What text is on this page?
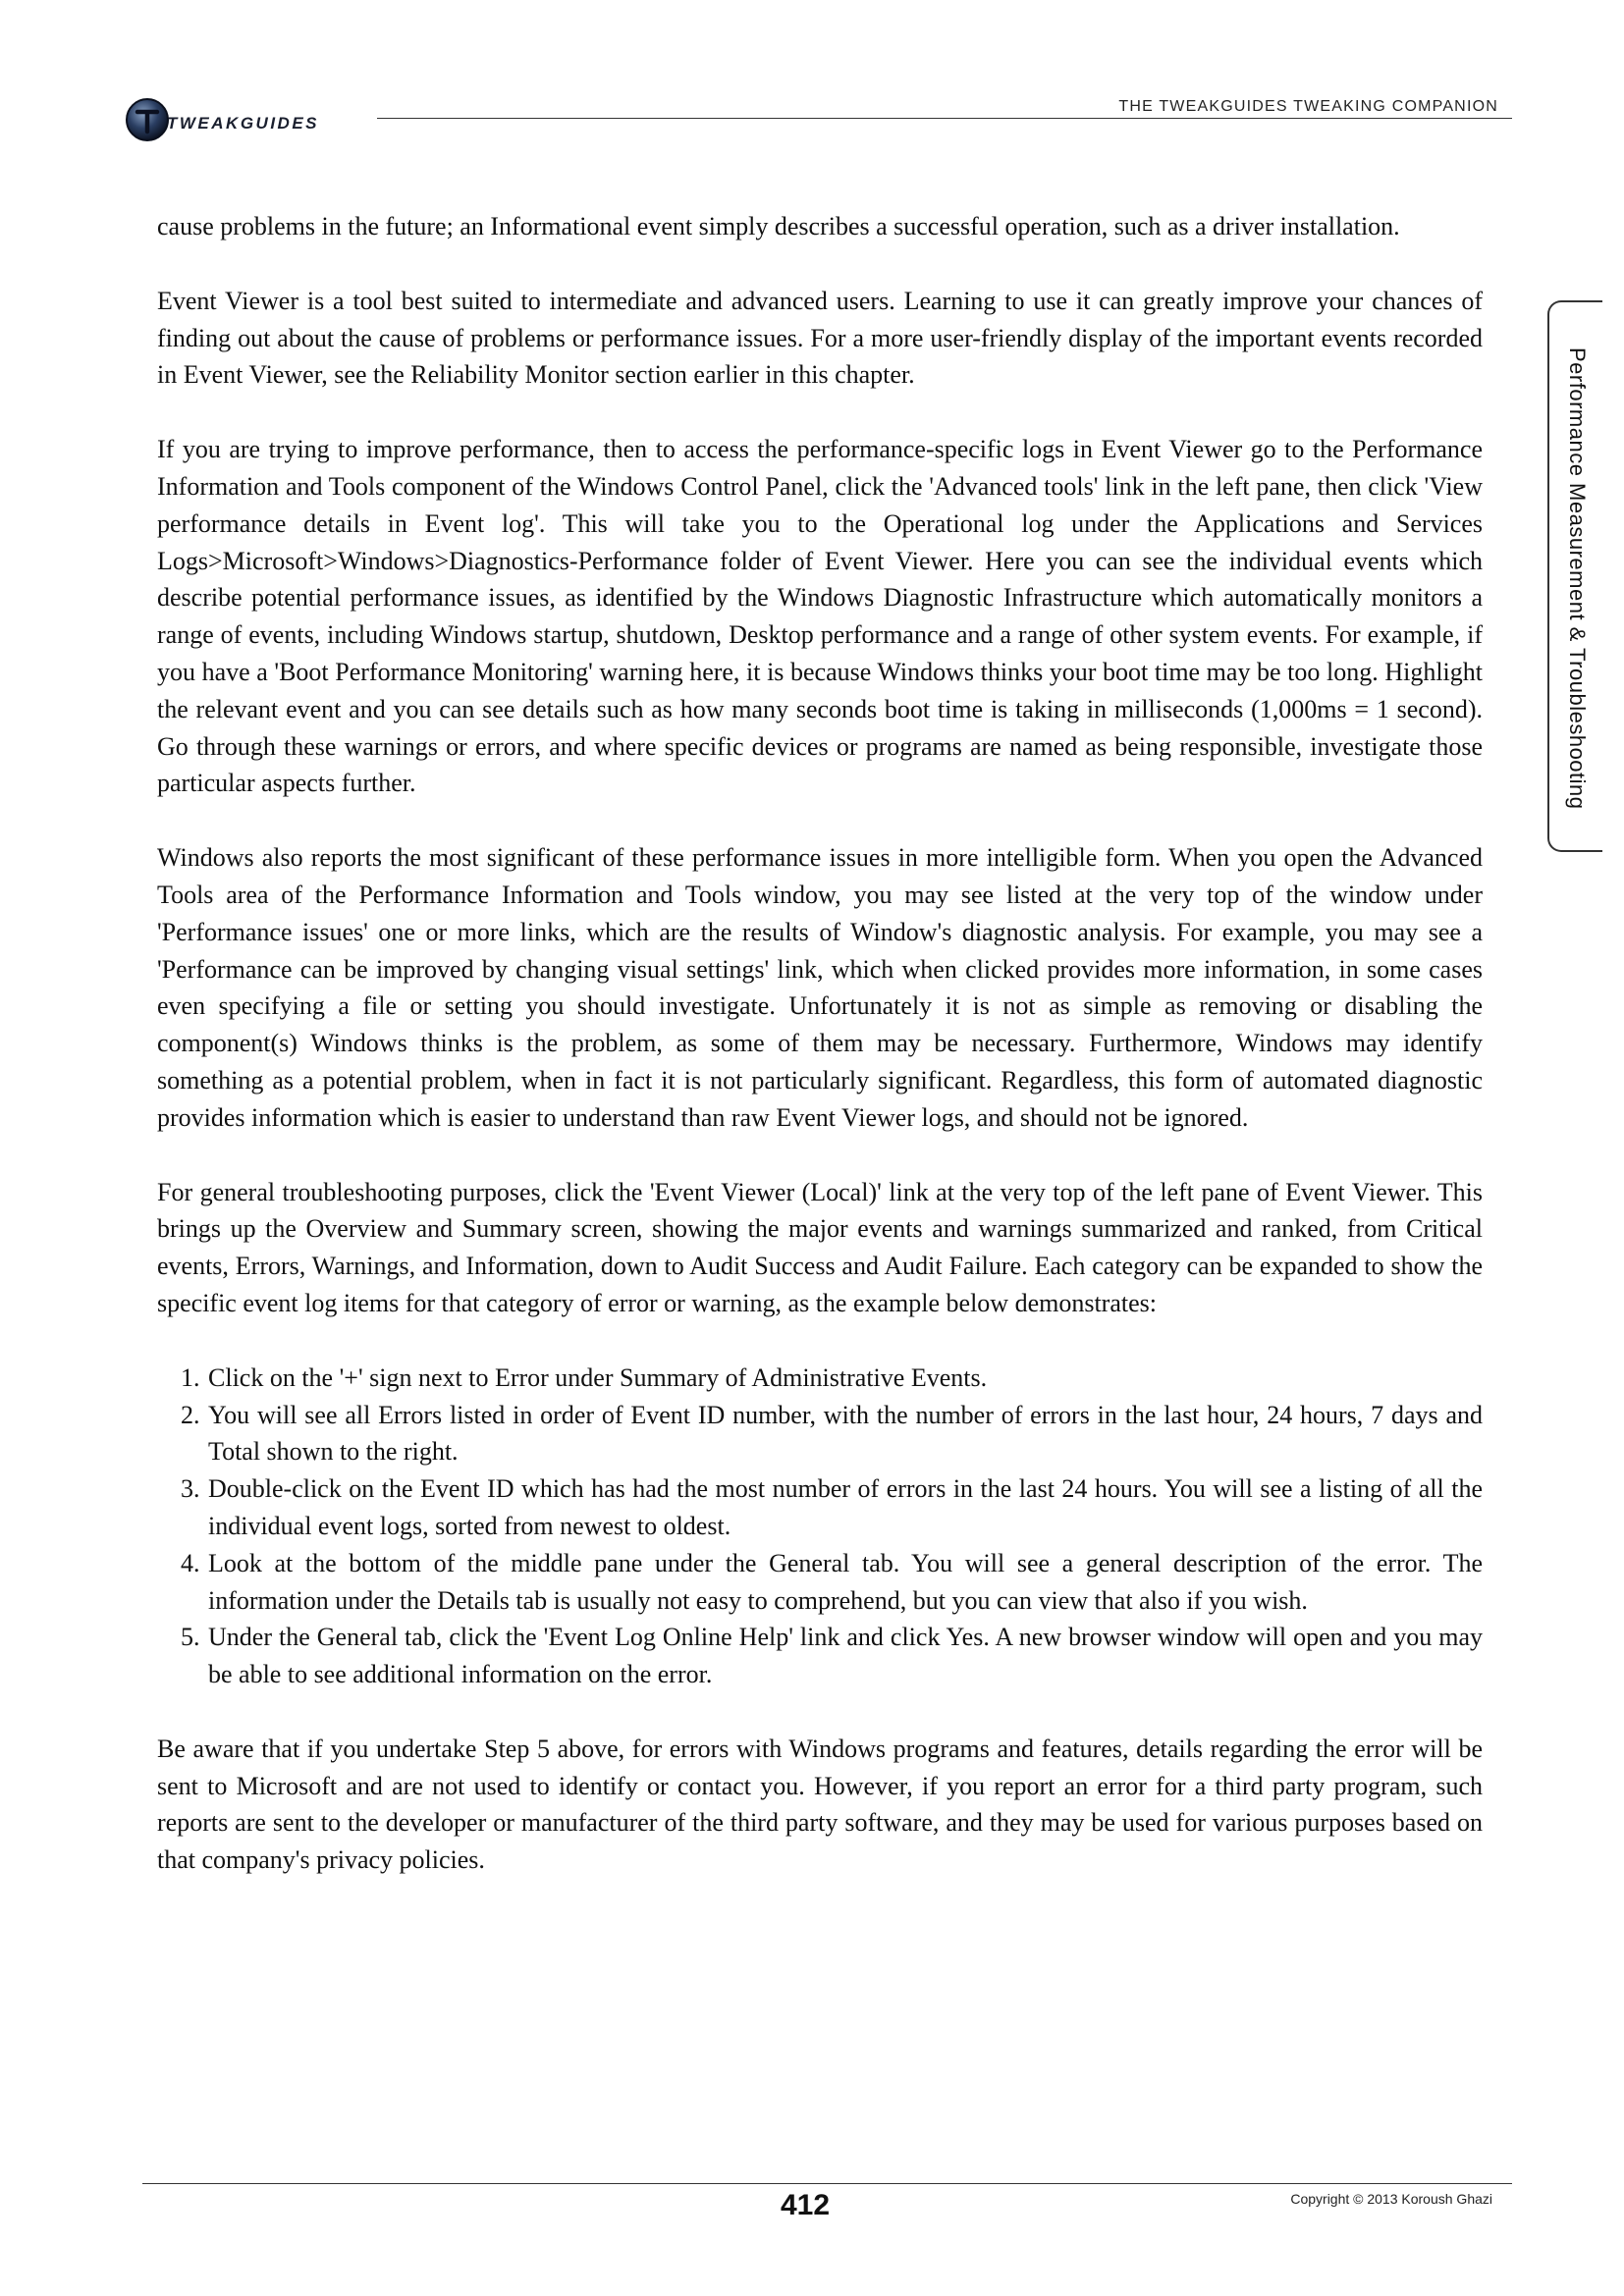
TWEAKGUIDES
THE TWEAKGUIDES TWEAKING COMPANION
Performance Measurement & Troubleshooting

cause problems in the future; an Informational event simply describes a successful operation, such as a driver installation.

Event Viewer is a tool best suited to intermediate and advanced users. Learning to use it can greatly improve your chances of finding out about the cause of problems or performance issues. For a more user-friendly display of the important events recorded in Event Viewer, see the Reliability Monitor section earlier in this chapter.

If you are trying to improve performance, then to access the performance-specific logs in Event Viewer go to the Performance Information and Tools component of the Windows Control Panel, click the 'Advanced tools' link in the left pane, then click 'View performance details in Event log'. This will take you to the Operational log under the Applications and Services Logs>Microsoft>Windows>Diagnostics-Performance folder of Event Viewer. Here you can see the individual events which describe potential performance issues, as identified by the Windows Diagnostic Infrastructure which automatically monitors a range of events, including Windows startup, shutdown, Desktop performance and a range of other system events. For example, if you have a 'Boot Performance Monitoring' warning here, it is because Windows thinks your boot time may be too long. Highlight the relevant event and you can see details such as how many seconds boot time is taking in milliseconds (1,000ms = 1 second). Go through these warnings or errors, and where specific devices or programs are named as being responsible, investigate those particular aspects further.

Windows also reports the most significant of these performance issues in more intelligible form. When you open the Advanced Tools area of the Performance Information and Tools window, you may see listed at the very top of the window under 'Performance issues' one or more links, which are the results of Window's diagnostic analysis. For example, you may see a 'Performance can be improved by changing visual settings' link, which when clicked provides more information, in some cases even specifying a file or setting you should investigate. Unfortunately it is not as simple as removing or disabling the component(s) Windows thinks is the problem, as some of them may be necessary. Furthermore, Windows may identify something as a potential problem, when in fact it is not particularly significant. Regardless, this form of automated diagnostic provides information which is easier to understand than raw Event Viewer logs, and should not be ignored.

For general troubleshooting purposes, click the 'Event Viewer (Local)' link at the very top of the left pane of Event Viewer. This brings up the Overview and Summary screen, showing the major events and warnings summarized and ranked, from Critical events, Errors, Warnings, and Information, down to Audit Success and Audit Failure. Each category can be expanded to show the specific event log items for that category of error or warning, as the example below demonstrates:

1. Click on the '+' sign next to Error under Summary of Administrative Events.
2. You will see all Errors listed in order of Event ID number, with the number of errors in the last hour, 24 hours, 7 days and Total shown to the right.
3. Double-click on the Event ID which has had the most number of errors in the last 24 hours. You will see a listing of all the individual event logs, sorted from newest to oldest.
4. Look at the bottom of the middle pane under the General tab. You will see a general description of the error. The information under the Details tab is usually not easy to comprehend, but you can view that also if you wish.
5. Under the General tab, click the 'Event Log Online Help' link and click Yes. A new browser window will open and you may be able to see additional information on the error.

Be aware that if you undertake Step 5 above, for errors with Windows programs and features, details regarding the error will be sent to Microsoft and are not used to identify or contact you. However, if you report an error for a third party program, such reports are sent to the developer or manufacturer of the third party software, and they may be used for various purposes based on that company's privacy policies.

412	Copyright © 2013 Koroush Ghazi
